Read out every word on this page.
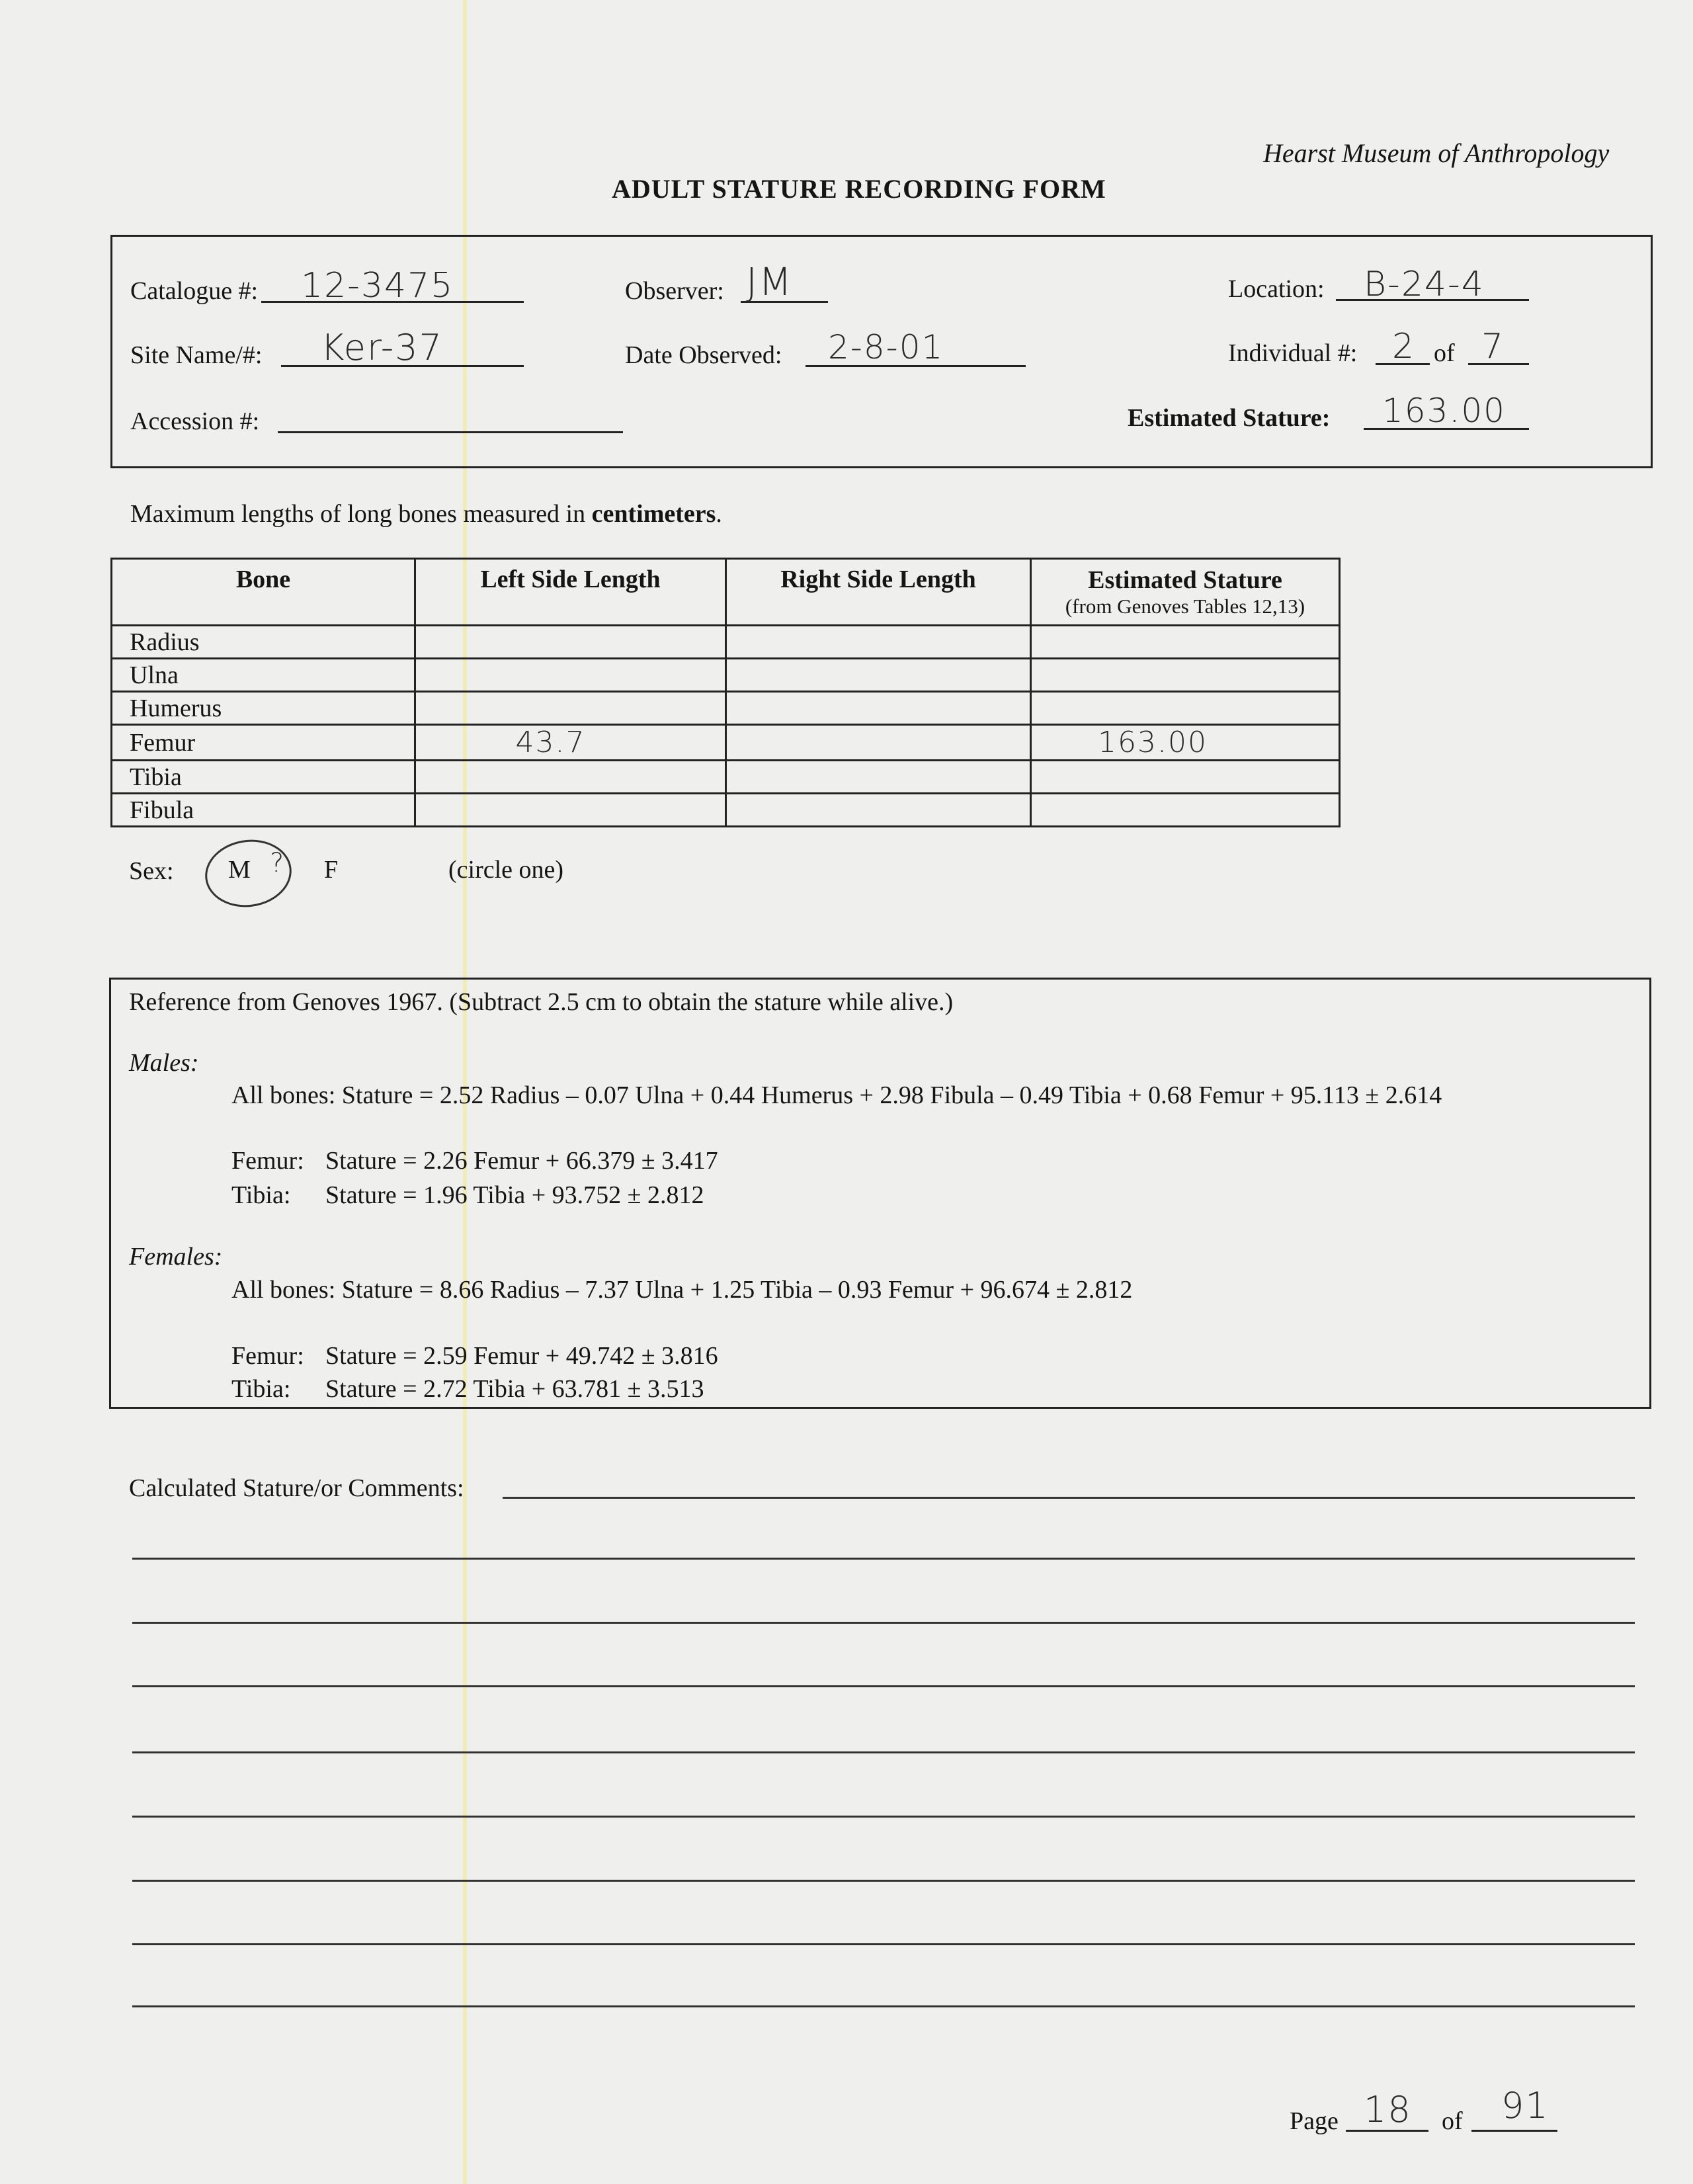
Hearst Museum of Anthropology
ADULT STATURE RECORDING FORM
Catalogue #: 12-3475	Observer: JM	Location: B-24-4
Site Name/#: Ker-37	Date Observed: 2-8-01	Individual #: 2 of 7
Accession #:	Estimated Stature: 163.00
Maximum lengths of long bones measured in centimeters.
Bone	Left Side Length	Right Side Length	Estimated Stature
(from Genoves Tables 12,13)

Radius			
Ulna			
Humerus			
Femur	43.7		163.00
Tibia			
Fibula			
Sex: M ? F	(circle one)
Reference from Genoves 1967. (Subtract 2.5 cm to obtain the stature while alive.)
Males:
All bones: Stature = 2.52 Radius – 0.07 Ulna + 0.44 Humerus + 2.98 Fibula – 0.49 Tibia + 0.68 Femur + 95.113 ± 2.614
Femur: Stature = 2.26 Femur + 66.379 ± 3.417
Tibia: Stature = 1.96 Tibia + 93.752 ± 2.812
Females:
All bones: Stature = 8.66 Radius – 7.37 Ulna + 1.25 Tibia – 0.93 Femur + 96.674 ± 2.812
Femur: Stature = 2.59 Femur + 49.742 ± 3.816
Tibia: Stature = 2.72 Tibia + 63.781 ± 3.513
Calculated Stature/or Comments:
Page 18 of 91
